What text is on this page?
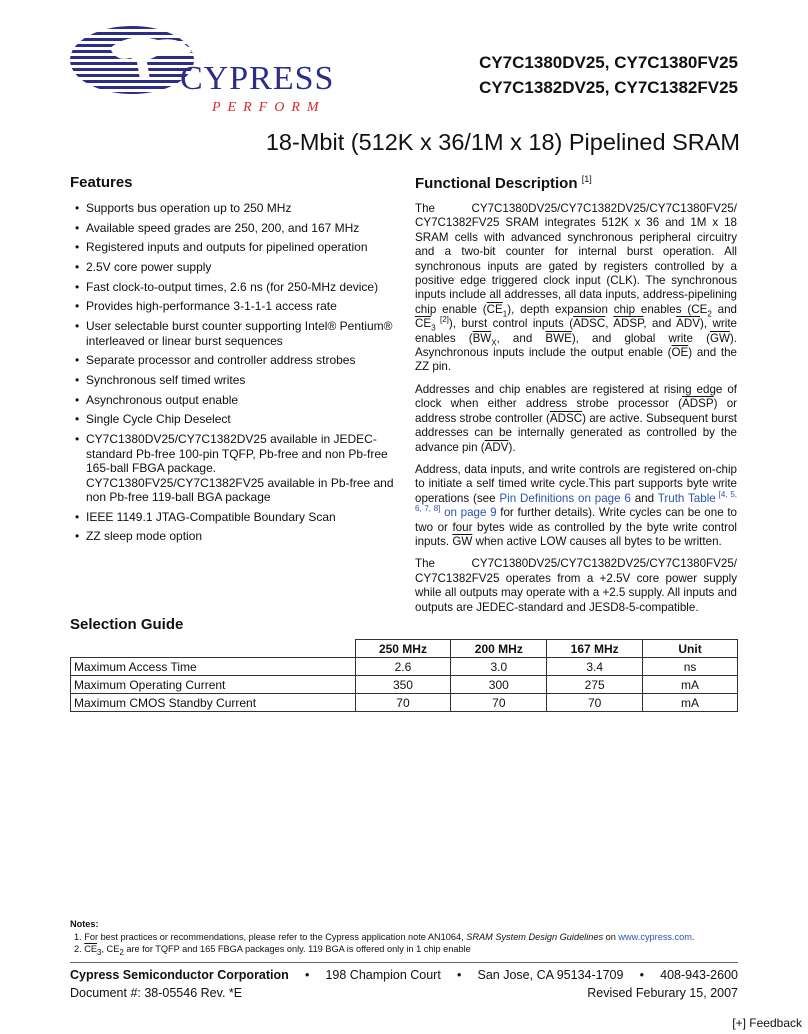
CYPRESS
PERFORM
CY7C1380DV25, CY7C1380FV25
CY7C1382DV25, CY7C1382FV25
18-Mbit (512K x 36/1M x 18) Pipelined SRAM
Features
• Supports bus operation up to 250 MHz
• Available speed grades are 250, 200, and 167 MHz
• Registered inputs and outputs for pipelined operation
• 2.5V core power supply
• Fast clock-to-output times, 2.6 ns (for 250-MHz device)
• Provides high-performance 3-1-1-1 access rate
• User selectable burst counter supporting Intel® Pentium® interleaved or linear burst sequences
• Separate processor and controller address strobes
• Synchronous self timed writes
• Asynchronous output enable
• Single Cycle Chip Deselect
• CY7C1380DV25/CY7C1382DV25 available in JEDEC-standard Pb-free 100-pin TQFP, Pb-free and non Pb-free 165-ball FBGA package. CY7C1380FV25/CY7C1382FV25 available in Pb-free and non Pb-free 119-ball BGA package
• IEEE 1149.1 JTAG-Compatible Boundary Scan
• ZZ sleep mode option
Functional Description [1]

The CY7C1380DV25/CY7C1382DV25/CY7C1380FV25/ CY7C1382FV25 SRAM integrates 512K x 36 and 1M x 18 SRAM cells with advanced synchronous peripheral circuitry and a two-bit counter for internal burst operation. All synchronous inputs are gated by registers controlled by a positive edge triggered clock input (CLK). The synchronous inputs include all addresses, all data inputs, address-pipelining chip enable $(\overline{CE}_1)$, depth expansion chip enables ($CE_2$ and $\overline{CE}_3$ [2]), burst control inputs (ADSC, ADSP, and $\overline{ADV}$), write enables ($\overline{BW}_X$, and $\overline{BWE}$), and global write $(\overline{GW})$. Asynchronous inputs include the output enable $(\overline{OE})$ and the ZZ pin.

Addresses and chip enables are registered at rising edge of clock when either address strobe processor (ADSP) or address strobe controller (ADSC) are active. Subsequent burst addresses can be internally generated as controlled by the advance pin $(\overline{ADV})$.

Address, data inputs, and write controls are registered on-chip to initiate a self timed write cycle.This part supports byte write operations (see Pin Definitions on page 6 and Truth Table [4, 5, 6, 7, 8] on page 9 for further details). Write cycles can be one to two or four bytes wide as controlled by the byte write control inputs. $\overline{GW}$ when active LOW causes all bytes to be written.

The CY7C1380DV25/CY7C1382DV25/CY7C1380FV25/ CY7C1382FV25 operates from a +2.5V core power supply while all outputs may operate with a +2.5 supply. All inputs and outputs are JEDEC-standard and JESD8-5-compatible.

Selection Guide
	250 MHz	200 MHz	167 MHz	Unit
Maximum Access Time	2.6	3.0	3.4	ns
Maximum Operating Current	350	300	275	mA
Maximum CMOS Standby Current	70	70	70	mA
Notes:
1. For best practices or recommendations, please refer to the Cypress application note AN1064, SRAM System Design Guidelines on www.cypress.com.
2. $\overline{CE}3$, CE2 are for TQFP and 165 FBGA packages only. 119 BGA is offered only in 1 chip enable
Cypress Semiconductor Corporation • 198 Champion Court • San Jose, CA 95134-1709 • 408-943-2600
Document #: 38-05546 Rev. *E	Revised Feburary 15, 2007
[+] Feedback
